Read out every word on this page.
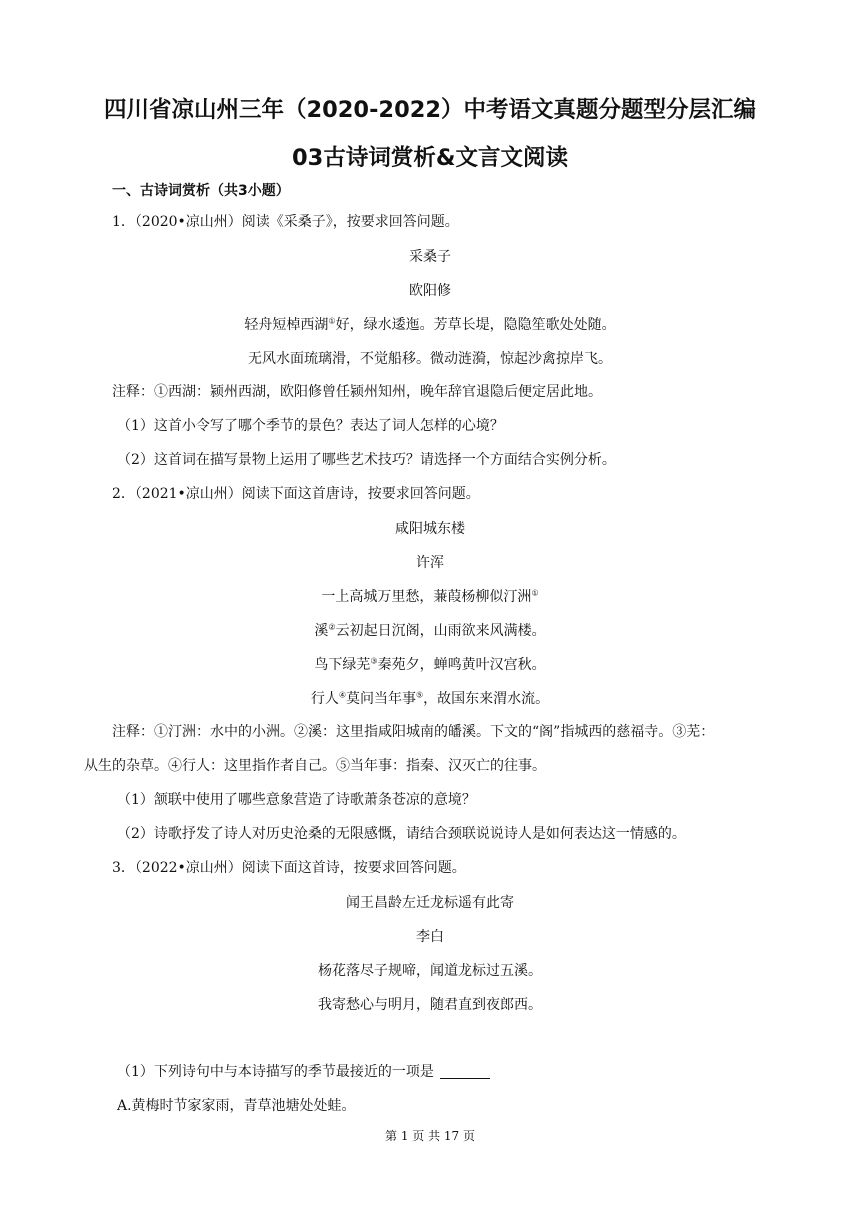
四川省凉山州三年（2020-2022）中考语文真题分题型分层汇编
03古诗词赏析&文言文阅读
一、古诗词赏析（共3小题）
1．（2020•凉山州）阅读《采桑子》，按要求回答问题。
采桑子
欧阳修
轻舟短棹西湖①好，绿水逶迤。芳草长堤，隐隐笙歌处处随。
无风水面琉璃滑，不觉船移。微动涟漪，惊起沙禽掠岸飞。
注释：①西湖：颍州西湖，欧阳修曾任颍州知州，晚年辞官退隐后便定居此地。
（1）这首小令写了哪个季节的景色？表达了词人怎样的心境？
（2）这首词在描写景物上运用了哪些艺术技巧？请选择一个方面结合实例分析。
2．（2021•凉山州）阅读下面这首唐诗，按要求回答问题。
咸阳城东楼
许浑
一上高城万里愁，蒹葭杨柳似汀洲①
溪②云初起日沉阁，山雨欲来风满楼。
鸟下绿芜③秦苑夕，蝉鸣黄叶汉宫秋。
行人④莫问当年事⑤，故国东来渭水流。
注释：①汀洲：水中的小洲。②溪：这里指咸阳城南的皤溪。下文的“阁”指城西的慈福寺。③芜：
从生的杂草。④行人：这里指作者自己。⑤当年事：指秦、汉灭亡的往事。
（1）颔联中使用了哪些意象营造了诗歌萧条苍凉的意境？
（2）诗歌抒发了诗人对历史沧桑的无限感慨，请结合颈联说说诗人是如何表达这一情感的。
3．（2022•凉山州）阅读下面这首诗，按要求回答问题。
闻王昌龄左迁龙标遥有此寄
李白
杨花落尽子规啼，闻道龙标过五溪。
我寄愁心与明月，随君直到夜郎西。
（1）下列诗句中与本诗描写的季节最接近的一项是
A.黄梅时节家家雨，青草池塘处处蛙。
第 1 页 共 17 页
